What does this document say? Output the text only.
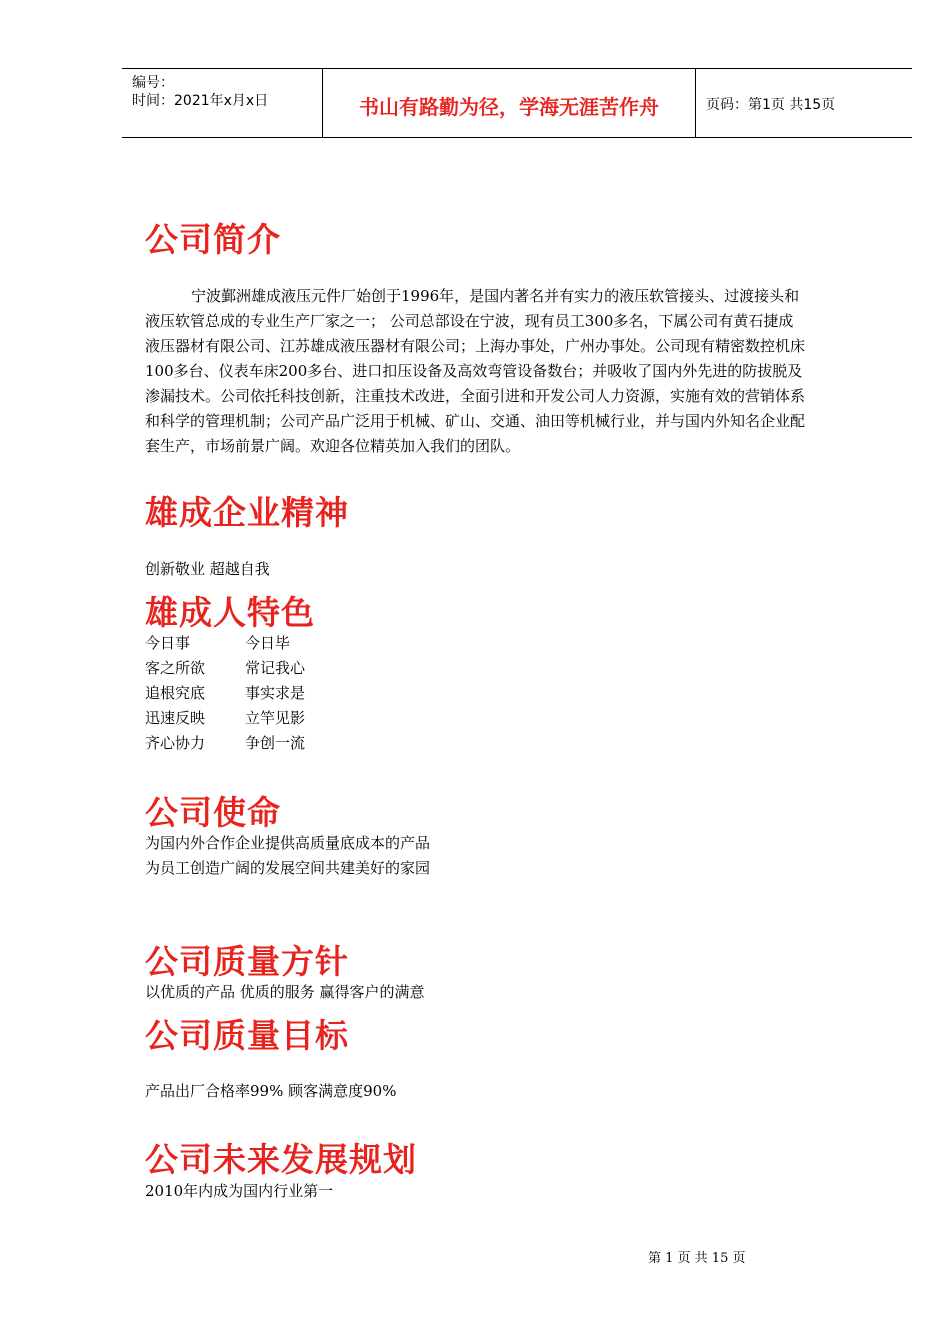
编号：
时间：2021年x月x日	书山有路勤为径，学海无涯苦作舟	页码：第1页 共15页
公司简介
宁波鄞洲雄成液压元件厂始创于1996年，是国内著名并有实力的液压软管接头、过渡接头和
液压软管总成的专业生产厂家之一； 公司总部设在宁波，现有员工300多名，下属公司有黄石捷成
液压器材有限公司、江苏雄成液压器材有限公司；上海办事处，广州办事处。公司现有精密数控机床
100多台、仪表车床200多台、进口扣压设备及高效弯管设备数台；并吸收了国内外先进的防拔脱及
渗漏技术。公司依托科技创新，注重技术改进，全面引进和开发公司人力资源，实施有效的营销体系
和科学的管理机制；公司产品广泛用于机械、矿山、交通、油田等机械行业，并与国内外知名企业配
套生产，市场前景广阔。欢迎各位精英加入我们的团队。
雄成企业精神
创新敬业 超越自我
雄成人特色
今日事	今日毕
客之所欲	常记我心
追根究底	事实求是
迅速反映	立竿见影
齐心协力	争创一流
公司使命
为国内外合作企业提供高质量底成本的产品
为员工创造广阔的发展空间共建美好的家园
公司质量方针
以优质的产品 优质的服务 赢得客户的满意
公司质量目标
产品出厂合格率99% 顾客满意度90%
公司未来发展规划
2010年内成为国内行业第一
第 1 页 共 15 页
